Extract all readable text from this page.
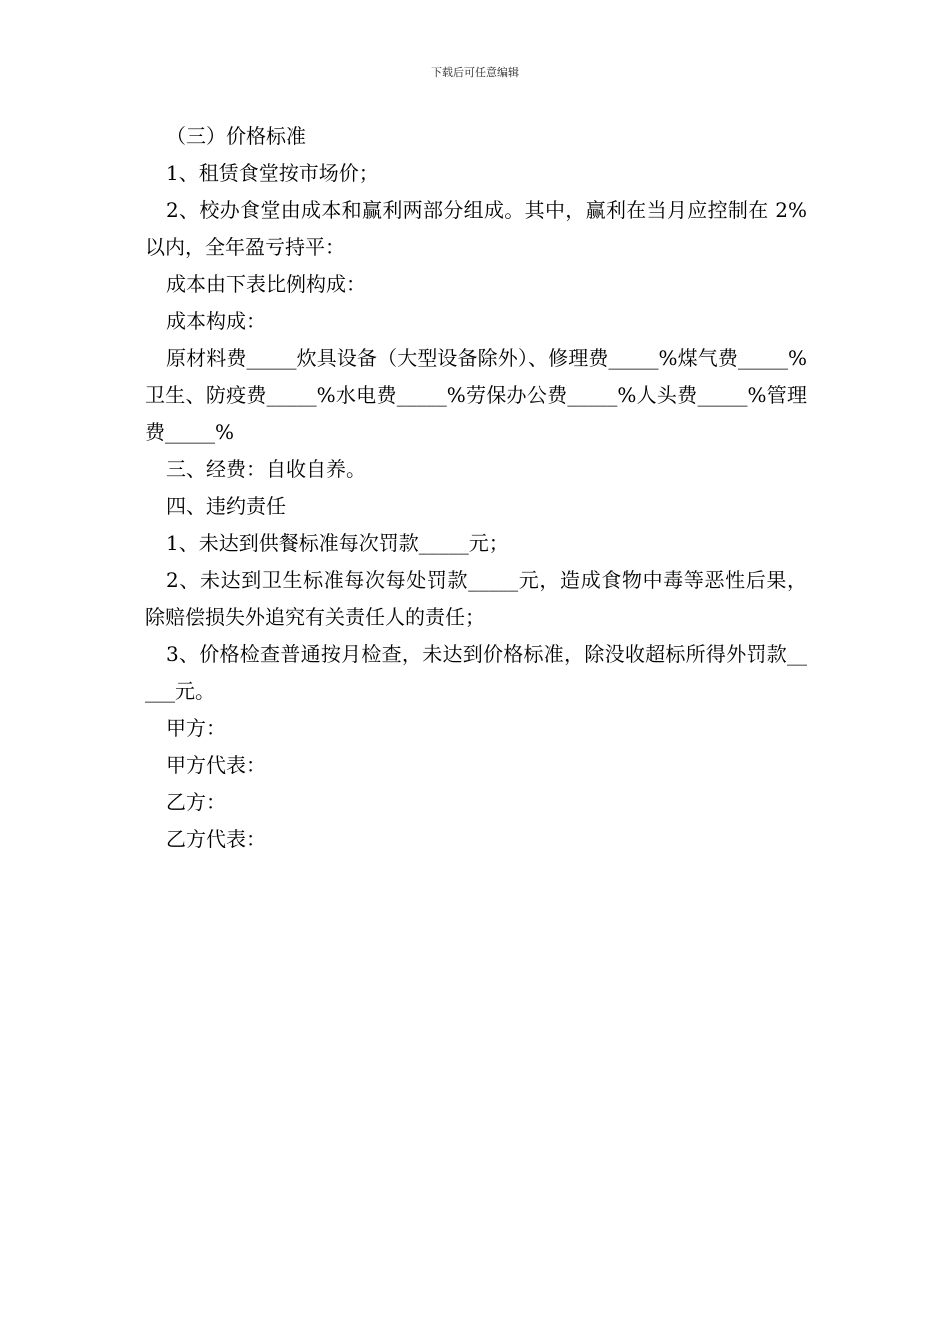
下载后可任意编辑

（三）价格标准

1、租赁食堂按市场价；

2、校办食堂由成本和赢利两部分组成。其中，赢利在当月应控制在 2%以内，全年盈亏持平：

成本由下表比例构成：

成本构成：

原材料费_____炊具设备（大型设备除外）、修理费_____%煤气费_____%卫生、防疫费_____%水电费_____%劳保办公费_____%人头费_____%管理费_____%

三、经费：自收自养。

四、违约责任

1、未达到供餐标准每次罚款_____元；

2、未达到卫生标准每次每处罚款_____元，造成食物中毒等恶性后果，除赔偿损失外追究有关责任人的责任；

3、价格检查普通按月检查，未达到价格标准，除没收超标所得外罚款_____元。

甲方：

甲方代表：

乙方：

乙方代表：
